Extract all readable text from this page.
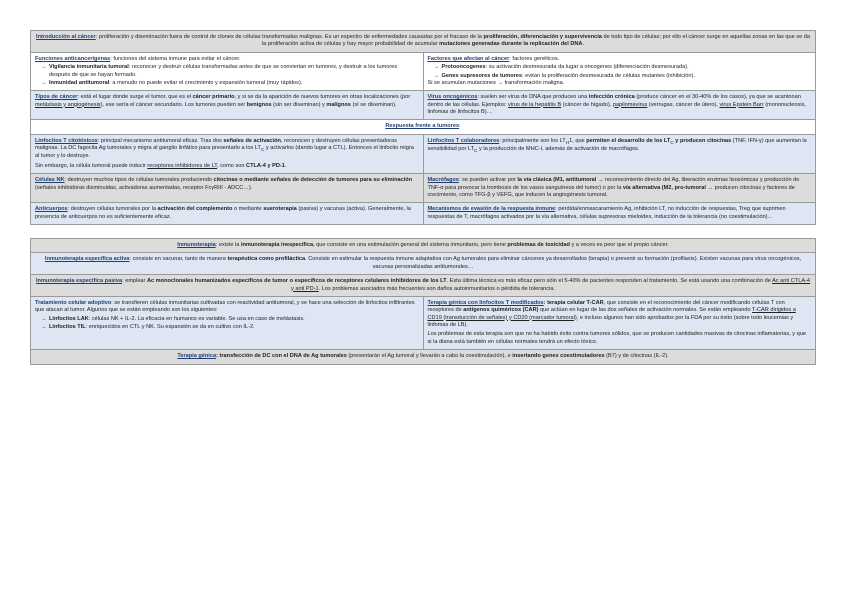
Introducción al cáncer: proliferación y diseminación fuera de control de clones de células transformadas malignas. Es un espectro de enfermedades causadas por el fracaso de la proliferación, diferenciación y supervivencia de todo tipo de células; por ello el cáncer surge en aquellas zonas en las que se da la proliferación activa de células y hay mayor probabilidad de acumular mutaciones generadas durante la replicación del DNA.
Funciones anticancerígenas: funciones del sistema inmune para evitar el cáncer.
→ Vigilancia inmunitaria tumoral: reconocer y destruir células transformadas antes de que se conviertan en tumores, y destruir a los tumores después de que se hayan formado.
→ Inmunidad antitumoral: a menudo no puede evitar el crecimiento y expansión tumoral (muy rápidos).
Factores que afectan al cáncer: factores genéticos.
→ Protooncogenes: su activación desmesurada da lugar a oncogenes (diferenciación desmesurada).
→ Genes supresores de tumores: evitan la proliferación desmesurada de células mutantes (inhibición).
Si se acumulan mutaciones → transformación maligna.
Tipos de cáncer: está el lugar donde surge el tumor, que es el cáncer primario, y si se da la aparición de nuevos tumores en otras localizaciones (por metástasis y angiogénesis), ese sería el cáncer secundario. Los tumores pueden ser benignos (sin ser diseminan) y malignos (sí se diseminan).
Virus oncogénicos: suelen ser virus de DNA que producen una infección crónica (produce cáncer en el 30-40% de los casos), ya que se acantonan dentro de las células. Ejemplos: virus de la hepatitis B (cáncer de hígado), papilomavirus (verrugas, cáncer de útero), virus Epstein Barr (mononucleosis, linfomas de linfocitos B)…
Respuesta frente a tumores:

Linfocitos T citotóxicos: principal mecanismo antitumoral eficaz. Tras dos señales de activación, reconocen y destruyen células presentadoras malignas. La DC fagocita Ag tumorales y migra al ganglio linfático para presentarlo a los $LT_C$ y activarlos (dando lugar a CTL). Entonces el linfocito migra al tumor y lo destruye.

Sin embargo, la célula tumoral puede inducir receptores inhibidores de LT, como son CTLA-4 y PD-1.

Linfocitos T colaboradores: principalmente son los $LT_H1$, que permiten el desarrollo de los $LT_C$ y producen citocinas (TNF, IFN-γ) que aumentan la sensibilidad por $LT_C$ y la producción de MHC-I, además de activación de macrófagos.
Células NK: destruyen muchos tipos de células tumorales produciendo citocinas o mediante señales de detección de tumores para su eliminación (señales inhibidoras disminuidas, activadoras aumentadas, receptor FcγRIII - ADCC…).
Macrófagos: se pueden activar por la vía clásica (M1, antitumoral → reconocimiento directo del Ag, liberación enzimas lisosómicas y producción de TNF-α para provocar la trombosis de los vasos sanguíneos del tumor) o por la vía alternativa (M2, pro-tumoral → producen citocinas y factores de crecimiento, como TFG-β y VEFG, que inducen la angiogénesis tumoral.
Anticuerpos: destruyen células tumorales por la activación del complemento o mediante sueroterapia (pasiva) y vacunas (activa). Generalmente, la presencia de anticuerpos no es suficientemente eficaz.
Mecanismos de evasión de la respuesta inmune: pérdida/enmascaramiento Ag, inhibición LT, no inducción de respuestas, Treg que suprimen respuestas de T, macrófagos activados por la vía alternativa, células supresoras mieloides, inducción de la tolerancia (no coestimulación)…
Inmunoterapia: existe la inmunoterapia inespecífica, que consiste en una estimulación general del sistema inmunitario, pero tiene problemas de toxicidad y a veces es peor que el propio cáncer.
Inmunoterapia específica activa: consiste en vacunar, tanto de manera terapéutica como profiláctica. Consiste en estimular la respuesta inmune adaptativa con Ag tumorales para eliminar cánceres ya desarrollados (terapia) o prevenir su formación (profilaxis). Existen vacunas para virus oncogénicos, vacunas personalizadas antitumorales…
Inmunoterapia específica pasiva: emplear Ac monoclonales humanizados específicos de tumor o específicos de receptores celulares inhibidores de los LT. Esta última técnica es más eficaz pero sólo el 5-40% de pacientes responden al tratamiento. Se está usando una combinación de Ac anti CTLA-4 y anti PD-1. Los problemas asociados más frecuentes son daños autoinmunitarios o pérdida de tolerancia.
Tratamiento celular adoptivo: se transfieren células inmunitarias cultivadas con reactividad antitumoral, y se hace una selección de linfocitos infiltrantes que atacan al tumor. Algunos que se están empleando son los siguientes:
→ Linfocitos LAK: células NK + IL-2. La eficacia en humanos es variable. Se usa en caso de metástasis.
→ Linfocitos TIL: enriquecidos en CTL y NK. Su expansión se da en cultivo con IL-2.

Terapia génica con linfocitos T modificados: terapia celular T-CAR, que consiste en el reconocimiento del cáncer modificando células T con receptores de antígenos quiméricos (CAR) que actúan en lugar de las dos señales de activación normales. Se están empleando T-CAR dirigidos a CD19 (transducción de señales) y CD20 (marcador tumoral), e incluso algunos han sido aprobados por la FDA por su éxito (sobre todo leucemias y linfomas de LB).

Los problemas de esta terapia son que no ha habido éxito contra tumores sólidos, que se producen cantidades masivas de citocinas inflamatorias, y que si la diana está también en células normales tendrá un efecto tóxico.

Terapia génica: transfección de DC con el DNA de Ag tumorales (presentarán el Ag tumoral y llevarán a cabo la coestimulación), e insertando genes coestimuladores (B7) y de citocinas (IL-2).
